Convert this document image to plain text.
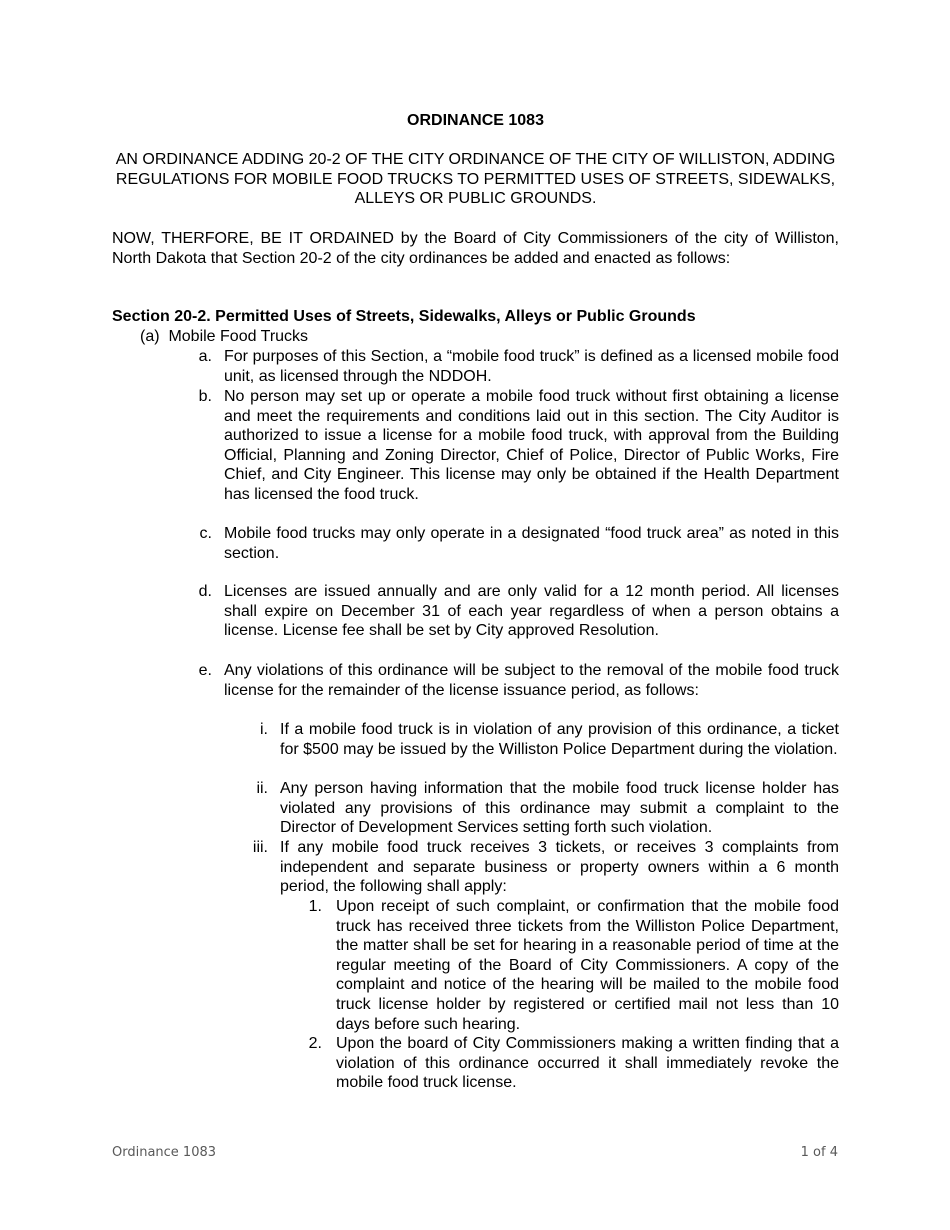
ORDINANCE 1083
AN ORDINANCE ADDING 20-2 OF THE CITY ORDINANCE OF THE CITY OF WILLISTON, ADDING REGULATIONS FOR MOBILE FOOD TRUCKS TO PERMITTED USES OF STREETS, SIDEWALKS, ALLEYS OR PUBLIC GROUNDS.
NOW, THERFORE, BE IT ORDAINED by the Board of City Commissioners of the city of Williston, North Dakota that Section 20-2 of the city ordinances be added and enacted as follows:
Section 20-2. Permitted Uses of Streets, Sidewalks, Alleys or Public Grounds
(a)  Mobile Food Trucks
a. For purposes of this Section, a “mobile food truck” is defined as a licensed mobile food unit, as licensed through the NDDOH.
b. No person may set up or operate a mobile food truck without first obtaining a license and meet the requirements and conditions laid out in this section. The City Auditor is authorized to issue a license for a mobile food truck, with approval from the Building Official, Planning and Zoning Director, Chief of Police, Director of Public Works, Fire Chief, and City Engineer. This license may only be obtained if the Health Department has licensed the food truck.
c. Mobile food trucks may only operate in a designated “food truck area” as noted in this section.
d. Licenses are issued annually and are only valid for a 12 month period. All licenses shall expire on December 31 of each year regardless of when a person obtains a license. License fee shall be set by City approved Resolution.
e. Any violations of this ordinance will be subject to the removal of the mobile food truck license for the remainder of the license issuance period, as follows:
i. If a mobile food truck is in violation of any provision of this ordinance, a ticket for $500 may be issued by the Williston Police Department during the violation.
ii. Any person having information that the mobile food truck license holder has violated any provisions of this ordinance may submit a complaint to the Director of Development Services setting forth such violation.
iii. If any mobile food truck receives 3 tickets, or receives 3 complaints from independent and separate business or property owners within a 6 month period, the following shall apply:
1. Upon receipt of such complaint, or confirmation that the mobile food truck has received three tickets from the Williston Police Department, the matter shall be set for hearing in a reasonable period of time at the regular meeting of the Board of City Commissioners. A copy of the complaint and notice of the hearing will be mailed to the mobile food truck license holder by registered or certified mail not less than 10 days before such hearing.
2. Upon the board of City Commissioners making a written finding that a violation of this ordinance occurred it shall immediately revoke the mobile food truck license.
Ordinance 1083	1 of 4
